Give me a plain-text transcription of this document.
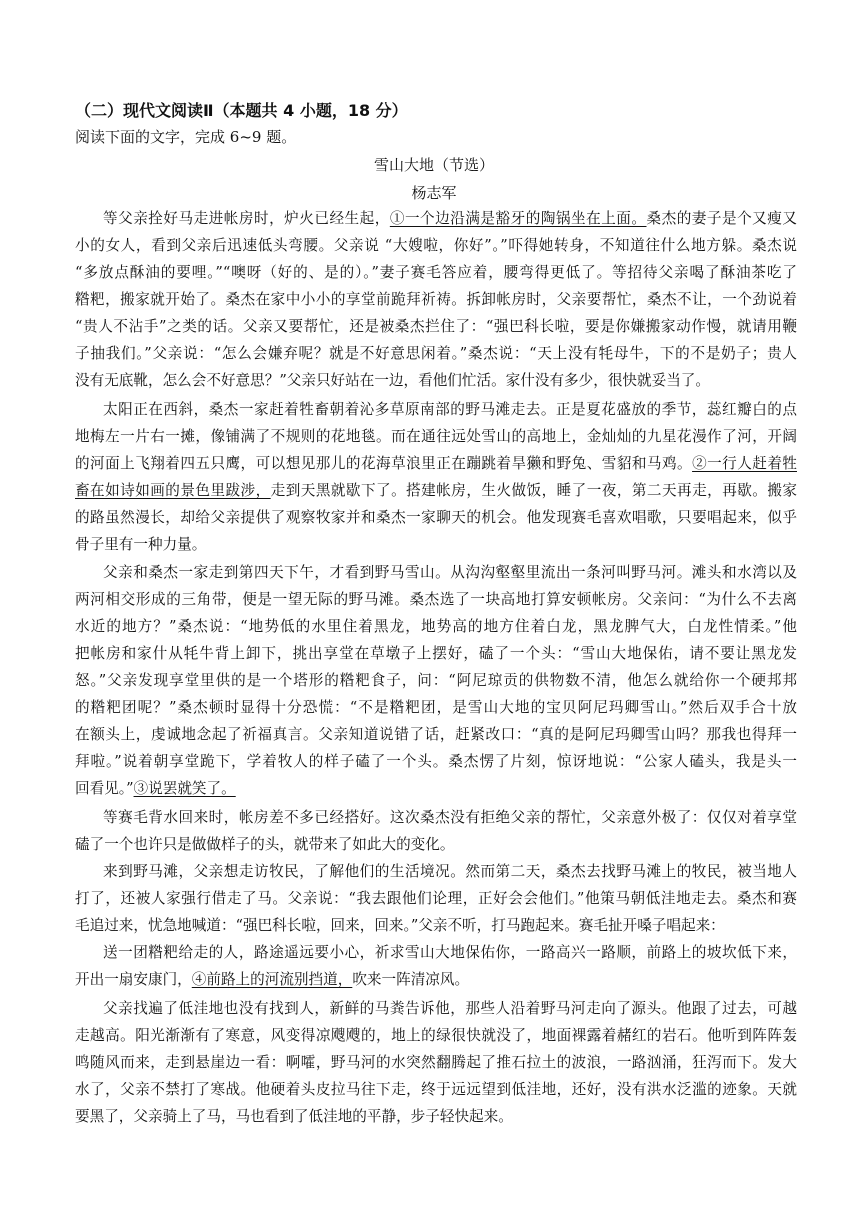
（二）现代文阅读Ⅱ（本题共 4 小题，18 分）
阅读下面的文字，完成 6~9 题。
雪山大地（节选）
杨志军
等父亲拴好马走进帐房时，炉火已经生起，①一个边沿满是豁牙的陶锅坐在上面。桑杰的妻子是个又瘦又
小的女人，看到父亲后迅速低头弯腰。父亲说 “大嫂啦，你好”。”吓得她转身，不知道往什么地方躲。桑杰说
“多放点酥油的要哩。”“噢呀（好的、是的）。”妻子赛毛答应着，腰弯得更低了。等招待父亲喝了酥油茶吃了
糌粑，搬家就开始了。桑杰在家中小小的享堂前跪拜祈祷。拆卸帐房时，父亲要帮忙，桑杰不让，一个劲说着
“贵人不沾手”之类的话。父亲又要帮忙，还是被桑杰拦住了：“强巴科长啦，要是你嫌搬家动作慢，就请用鞭
子抽我们。”父亲说：“怎么会嫌弃呢？就是不好意思闲着。”桑杰说：“天上没有牦母牛，下的不是奶子；贵人
没有无底靴，怎么会不好意思？”父亲只好站在一边，看他们忙活。家什没有多少，很快就妥当了。
太阳正在西斜，桑杰一家赶着牲畜朝着沁多草原南部的野马滩走去。正是夏花盛放的季节，蕊红瓣白的点
地梅左一片右一摊，像铺满了不规则的花地毯。而在通往远处雪山的高地上，金灿灿的九星花漫作了河，开阔
的河面上飞翔着四五只鹰，可以想见那儿的花海草浪里正在蹦跳着旱獭和野兔、雪貂和马鸡。②一行人赶着牲
畜在如诗如画的景色里跋涉，走到天黑就歇下了。搭建帐房，生火做饭，睡了一夜，第二天再走，再歇。搬家
的路虽然漫长，却给父亲提供了观察牧家并和桑杰一家聊天的机会。他发现赛毛喜欢唱歌，只要唱起来，似乎
骨子里有一种力量。
父亲和桑杰一家走到第四天下午，才看到野马雪山。从沟沟壑壑里流出一条河叫野马河。滩头和水湾以及
两河相交形成的三角带，便是一望无际的野马滩。桑杰选了一块高地打算安顿帐房。父亲问：“为什么不去离
水近的地方？”桑杰说：“地势低的水里住着黑龙，地势高的地方住着白龙，黑龙脾气大，白龙性情柔。”他
把帐房和家什从牦牛背上卸下，挑出享堂在草墩子上摆好，磕了一个头：“雪山大地保佑，请不要让黑龙发
怒。”父亲发现享堂里供的是一个塔形的糌粑食子，问：“阿尼琼贡的供物数不清，他怎么就给你一个硬邦邦
的糌粑团呢？”桑杰顿时显得十分恐慌：“不是糌粑团，是雪山大地的宝贝阿尼玛卿雪山。”然后双手合十放
在额头上，虔诚地念起了祈福真言。父亲知道说错了话，赶紧改口：“真的是阿尼玛卿雪山吗？那我也得拜一
拜啦。”说着朝享堂跪下，学着牧人的样子磕了一个头。桑杰愣了片刻，惊讶地说：“公家人磕头，我是头一
回看见。”③说罢就笑了。
等赛毛背水回来时，帐房差不多已经搭好。这次桑杰没有拒绝父亲的帮忙，父亲意外极了：仅仅对着享堂
磕了一个也许只是做做样子的头，就带来了如此大的变化。
来到野马滩，父亲想走访牧民，了解他们的生活境况。然而第二天，桑杰去找野马滩上的牧民，被当地人
打了，还被人家强行借走了马。父亲说：“我去跟他们论理，正好会会他们。”他策马朝低洼地走去。桑杰和赛
毛追过来，忧急地喊道：“强巴科长啦，回来，回来。”父亲不听，打马跑起来。赛毛扯开嗓子唱起来：
送一团糌粑给走的人，路途遥远要小心，祈求雪山大地保佑你，一路高兴一路顺，前路上的坡坎低下来，
开出一扇安康门，④前路上的河流别挡道，吹来一阵清凉风。
父亲找遍了低洼地也没有找到人，新鲜的马粪告诉他，那些人沿着野马河走向了源头。他跟了过去，可越
走越高。阳光渐渐有了寒意，风变得凉飕飕的，地上的绿很快就没了，地面裸露着赭红的岩石。他听到阵阵轰
鸣随风而来，走到悬崖边一看：啊嚯，野马河的水突然翻腾起了推石拉土的波浪，一路汹涌，狂泻而下。发大
水了，父亲不禁打了寒战。他硬着头皮拉马往下走，终于远远望到低洼地，还好，没有洪水泛滥的迹象。天就
要黑了，父亲骑上了马，马也看到了低洼地的平静，步子轻快起来。
